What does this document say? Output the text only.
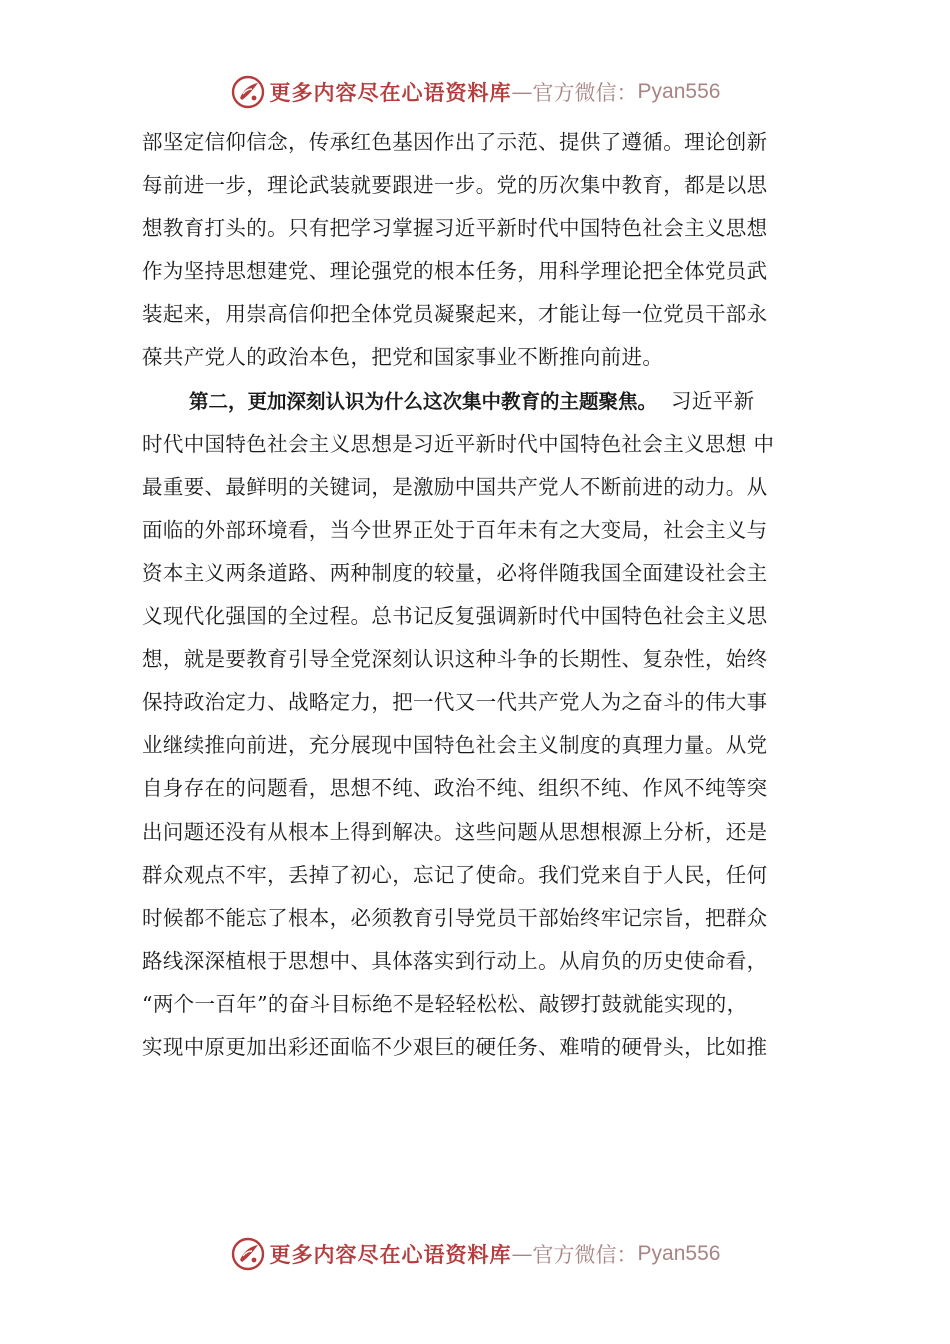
更多内容尽在心语资料库 — 官方微信： Pyan556
部坚定信仰信念，传承红色基因作出了示范、提供了遵循。理论创新
每前进一步，理论武装就要跟进一步。党的历次集中教育，都是以思
想教育打头的。只有把学习掌握习近平新时代中国特色社会主义思想
作为坚持思想建党、理论强党的根本任务，用科学理论把全体党员武
装起来，用崇高信仰把全体党员凝聚起来，才能让每一位党员干部永
葆共产党人的政治本色，把党和国家事业不断推向前进。
第二，更加深刻认识为什么这次集中教育的主题聚焦。 习近平新
时代中国特色社会主义思想是习近平新时代中国特色社会主义思想 中
最重要、最鲜明的关键词，是激励中国共产党人不断前进的动力。从
面临的外部环境看，当今世界正处于百年未有之大变局，社会主义与
资本主义两条道路、两种制度的较量，必将伴随我国全面建设社会主
义现代化强国的全过程。总书记反复强调新时代中国特色社会主义思
想，就是要教育引导全党深刻认识这种斗争的长期性、复杂性，始终
保持政治定力、战略定力，把一代又一代共产党人为之奋斗的伟大事
业继续推向前进，充分展现中国特色社会主义制度的真理力量。从党
自身存在的问题看，思想不纯、政治不纯、组织不纯、作风不纯等突
出问题还没有从根本上得到解决。这些问题从思想根源上分析，还是
群众观点不牢，丢掉了初心，忘记了使命。我们党来自于人民，任何
时候都不能忘了根本，必须教育引导党员干部始终牢记宗旨，把群众
路线深深植根于思想中、具体落实到行动上。从肩负的历史使命看，
“两个一百年”的奋斗目标绝不是轻轻松松、敲锣打鼓就能实现的，
实现中原更加出彩还面临不少艰巨的硬任务、难啃的硬骨头，比如推
更多内容尽在心语资料库 — 官方微信： Pyan556
